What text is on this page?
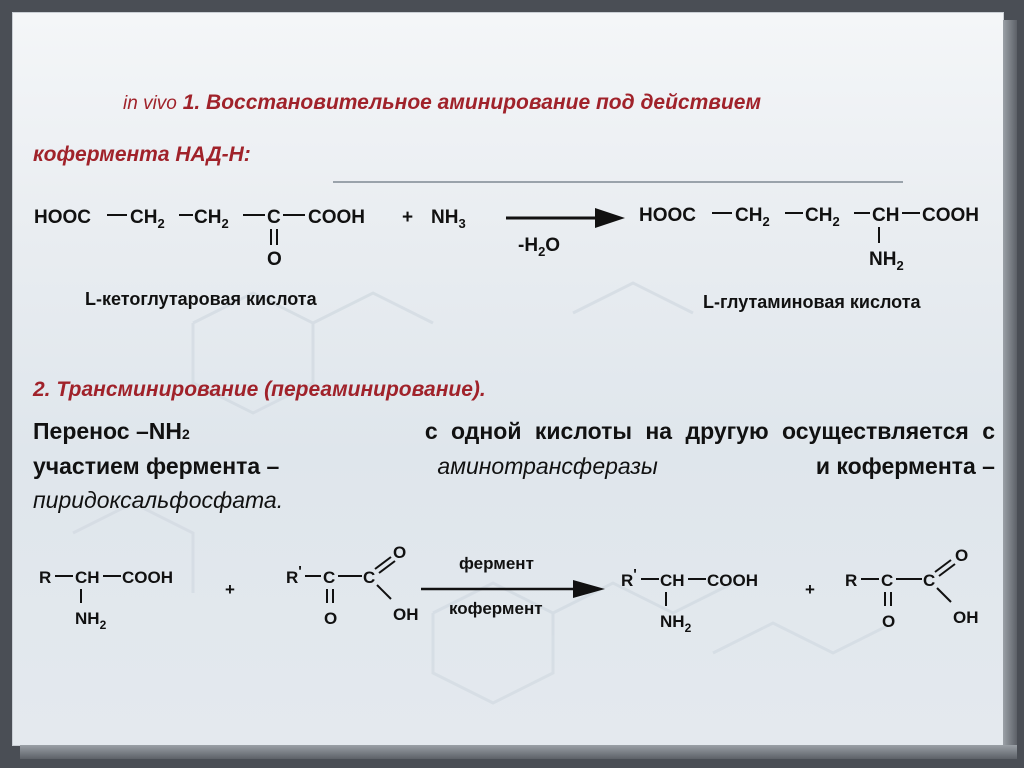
in vivo 1. Восстановительное аминирование под действием
кофермента НАД-Н:
HOOC $CH_2$ $CH_2$ C COOH
O
+ $NH_3$
$-H_2O$
HOOC $CH_2$ $CH_2$ CH COOH
$NH_2$
L-кетоглутаровая кислота	L-глутаминовая кислота
2. Трансминирование (переаминирование).
Перенос –NH2	с одной кислоты на другую осуществляется с
участием фермента –	аминотрансферазы	и кофермента –
пиридоксальфосфата.
R CH COOH
$NH_2$
+
R' C C
O
O
OH
фермент
кофермент
R' CH COOH
$NH_2$
+ R C C
O
O
OH
